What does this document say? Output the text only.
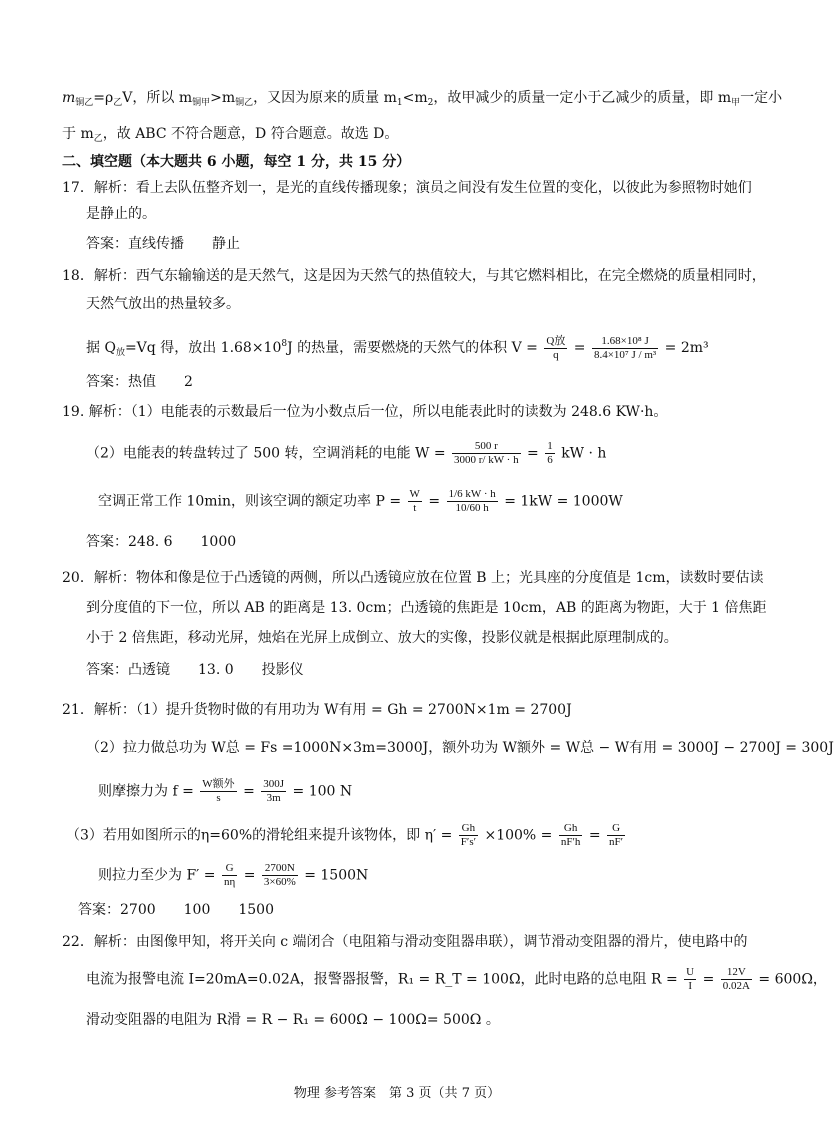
$m_{铜乙}=\rho_乙V$，所以 $m_{铜甲}>m_{铜乙}$，又因为原来的质量 $m_1<m_2$，故甲减少的质量一定小于乙减少的质量，即 $m_甲$一定小
于 $m_乙$，故 ABC 不符合题意，D 符合题意。故选 D。
二、填空题（本大题共 6 小题，每空 1 分，共 15 分）
17．解析：看上去队伍整齐划一，是光的直线传播现象；演员之间没有发生位置的变化，以彼此为参照物时她们
是静止的。
答案：直线传播　　静止
18．解析：西气东输输送的是天然气，这是因为天然气的热值较大，与其它燃料相比，在完全燃烧的质量相同时，
天然气放出的热量较多。
据 $Q_放=Vq$ 得，放出 $1.68\times 10^8J$ 的热量，需要燃烧的天然气的体积 $V = \frac{\text{Q放}}{q} = \frac{\text{1.68×10⁸ J}}{\text{8.4×10⁷ J / m³}} = 2m^3$
答案：热值　　2
19. 解析：（1）电能表的示数最后一位为小数点后一位，所以电能表此时的读数为 248.6 KW·h。
（2）电能表的转盘转过了 500 转，空调消耗的电能 $W = \frac{500 r}{3000 r/ kW \cdot h} = \frac{1}{6}$ kW · h
空调正常工作 10min，则该空调的额定功率 $P = \frac{W}{t} = \frac{1/6 kW \cdot h}{10/60 h} = 1kW = 1000W$
答案：248. 6　　1000
20．解析：物体和像是位于凸透镜的两侧，所以凸透镜应放在位置 B 上；光具座的分度值是 1cm，读数时要估读
到分度值的下一位，所以 AB 的距离是 13. 0cm；凸透镜的焦距是 10cm，AB 的距离为物距，大于 1 倍焦距
小于 2 倍焦距，移动光屏，烛焰在光屏上成倒立、放大的实像，投影仪就是根据此原理制成的。
答案：凸透镜　　13. 0　　投影仪
21．解析：（1）提升货物时做的有用功为 W有用 = Gh = 2700N×1m = 2700J
（2）拉力做总功为 W总 = Fs =1000N×3m=3000J，额外功为 W额外 = W总 − W有用 = 3000J − 2700J = 300J
则摩擦力为 $f = \frac{\text{W额外}}{s} = \frac{300J}{3m} = 100$ N
（3）若用如图所示的η=60%的滑轮组来提升该物体，即 $\eta' = \frac{Gh}{F's'} \times 100\% = \frac{Gh}{nF'h} = \frac{G}{nF'}$
则拉力至少为 $F' = \frac{G}{n\eta} = \frac{2700N}{3\times 60\%} = 1500N$
答案：2700　　100　　1500
22．解析：由图像甲知，将开关向 c 端闭合（电阻箱与滑动变阻器串联），调节滑动变阻器的滑片，使电路中的
电流为报警电流 I=20mA=0.02A，报警器报警，R₁ = R_T = 100Ω，此时电路的总电阻 $R = \frac{U}{I} = \frac{12V}{0.02A} = 600\Omega$，
滑动变阻器的电阻为 R滑 = R − R₁ = 600Ω − 100Ω= 500Ω 。
物理 参考答案　第 3 页（共 7 页）
